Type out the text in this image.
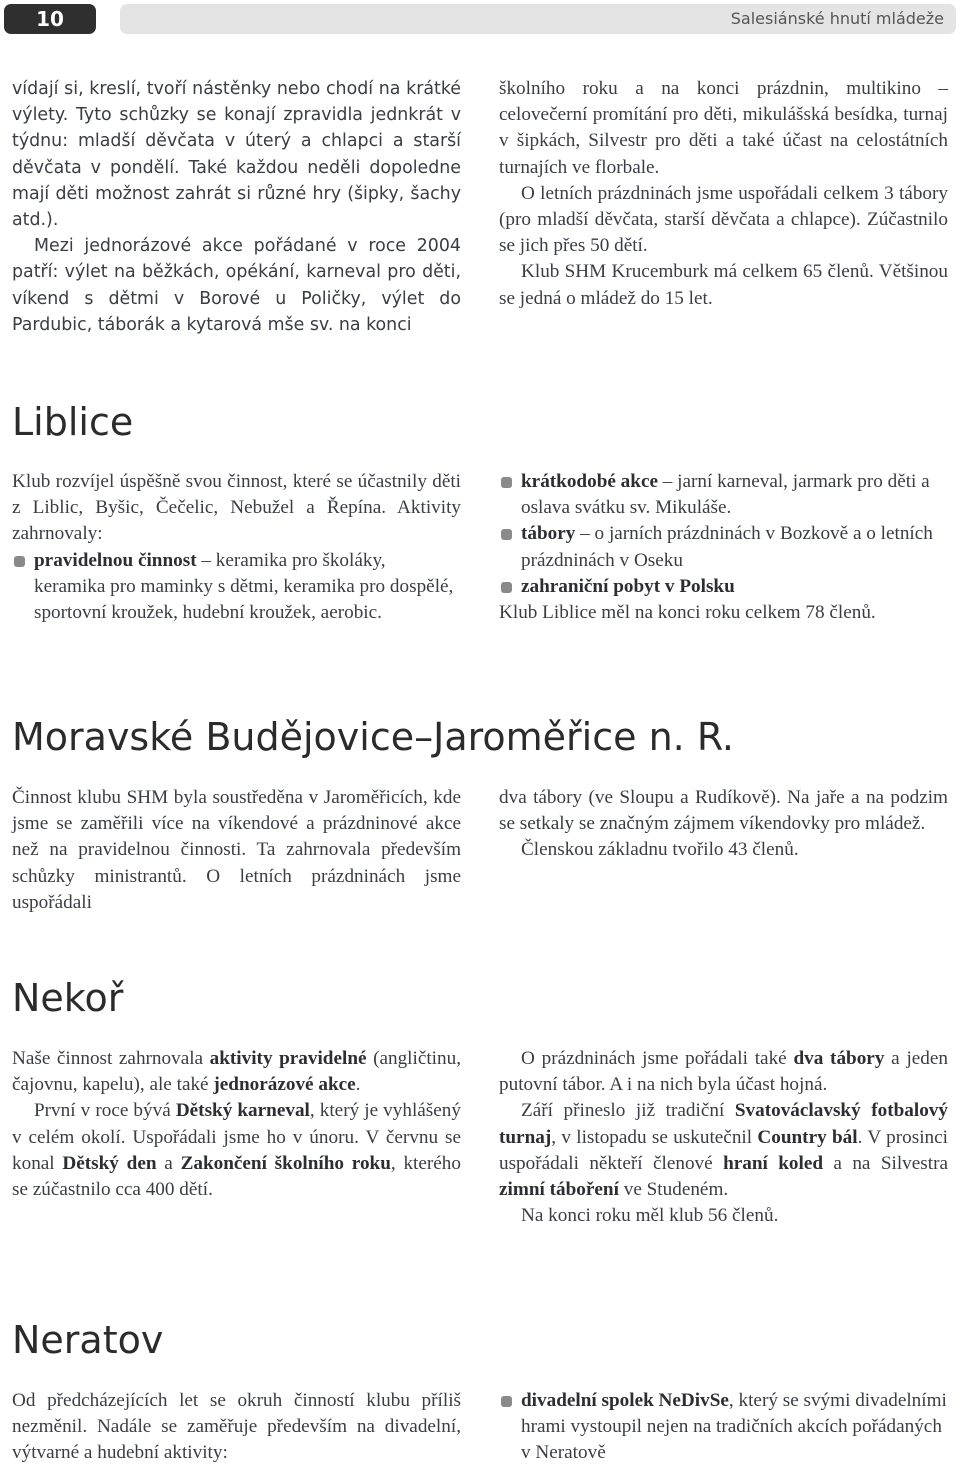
10	Salesiánské hnutí mládeže

vídají si, kreslí, tvoří nástěnky nebo chodí na krátké výlety. Tyto schůzky se konají zpravidla jednkrát v týdnu: mladší děvčata v úterý a chlapci a starší děvčata v pondělí. Také každou neděli dopoledne mají děti možnost zahrát si různé hry (šipky, šachy atd.).

Mezi jednorázové akce pořádané v roce 2004 patří: výlet na běžkách, opékání, karneval pro děti, víkend s dětmi v Borové u Poličky, výlet do Pardubic, táborák a kytarová mše sv. na konci

školního roku a na konci prázdnin, multikino – celovečerní promítání pro děti, mikulášská besídka, turnaj v šipkách, Silvestr pro děti a také účast na celostátních turnajích ve florbale.

O letních prázdninách jsme uspořádali celkem 3 tábory (pro mladší děvčata, starší děvčata a chlapce). Zúčastnilo se jich přes 50 dětí.

Klub SHM Krucemburk má celkem 65 členů. Většinou se jedná o mládež do 15 let.

Liblice

Klub rozvíjel úspěšně svou činnost, které se účastnily děti z Liblic, Byšic, Čečelic, Nebužel a Řepína. Aktivity zahrnovaly:

pravidelnou činnost – keramika pro školáky, keramika pro maminky s dětmi, keramika pro dospělé, sportovní kroužek, hudební kroužek, aerobic.
krátkodobé akce – jarní karneval, jarmark pro děti a oslava svátku sv. Mikuláše.
tábory – o jarních prázdninách v Bozkově a o letních prázdninách v Oseku
zahraniční pobyt v Polsku

Klub Liblice měl na konci roku celkem 78 členů.

Moravské Budějovice–Jaroměřice n. R.

Činnost klubu SHM byla soustředěna v Jaroměřicích, kde jsme se zaměřili více na víkendové a prázdninové akce než na pravidelnou činnosti. Ta zahrnovala především schůzky ministrantů. O letních prázdninách jsme uspořádali

dva tábory (ve Sloupu a Rudíkově). Na jaře a na podzim se setkaly se značným zájmem víkendovky pro mládež.

Členskou základnu tvořilo 43 členů.

Nekoř

Naše činnost zahrnovala aktivity pravidelné (angličtinu, čajovnu, kapelu), ale také jednorázové akce.

První v roce bývá Dětský karneval, který je vyhlášený v celém okolí. Uspořádali jsme ho v únoru. V červnu se konal Dětský den a Zakončení školního roku, kterého se zúčastnilo cca 400 dětí.

O prázdninách jsme pořádali také dva tábory a jeden putovní tábor. A i na nich byla účast hojná.

Září přineslo již tradiční Svatováclavský fotbalový turnaj, v listopadu se uskutečnil Country bál. V prosinci uspořádali někteří členové hraní koled a na Silvestra zimní táboření ve Studeném.

Na konci roku měl klub 56 členů.

Neratov

Od předcházejících let se okruh činností klubu příliš nezměnil. Nadále se zaměřuje především na divadelní, výtvarné a hudební aktivity:

divadelní spolek NeDivSe, který se svými divadelními hrami vystoupil nejen na tradičních akcích pořádaných v Neratově
